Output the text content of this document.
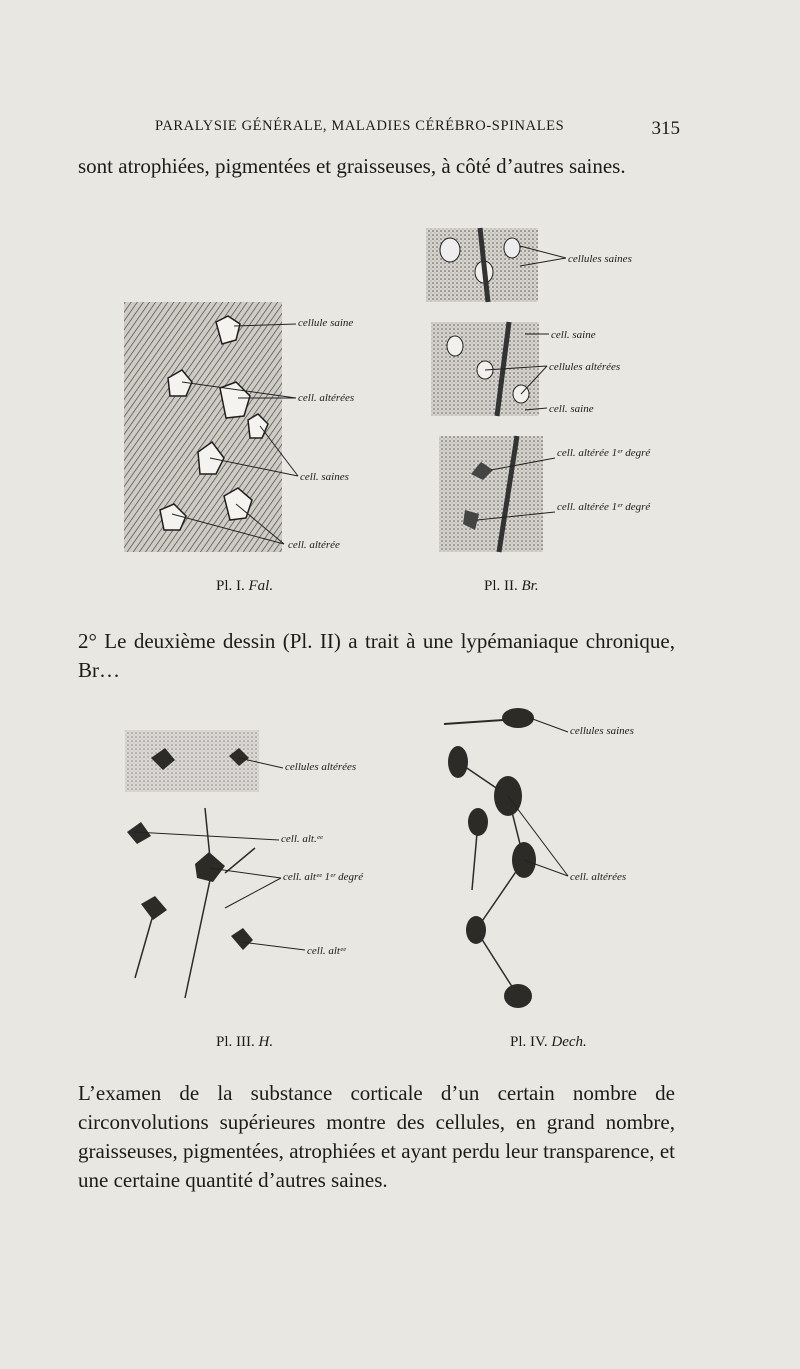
PARALYSIE GÉNÉRALE, MALADIES CÉRÉBRO-SPINALES	315
sont atrophiées, pigmentées et graisseuses, à côté d’autres saines.
cellules saines
cellule saine
cell. altérées
cell. saines
cell. altérée
cell. saine
cellules altérées
cell. saine
cell. altérée 1ᵉʳ degré
cell. altérée 1ᵉʳ degré
Pl. I. Fal.	Pl. II. Br.
2° Le deuxième dessin (Pl. II) a trait à une lypémaniaque chronique, Br…
cellules altérées
cell. alt.ᵉᵉ
cell. altᵉᵉ 1ᵉʳ degré
cell. altᵉᵉ
cellules saines
cell. altérées
Pl. III. H.	Pl. IV. Dech.
L’examen de la substance corticale d’un certain nombre de circonvolutions supérieures montre des cellules, en grand nombre, graisseuses, pigmentées, atrophiées et ayant perdu leur transparence, et une certaine quantité d’autres saines.
